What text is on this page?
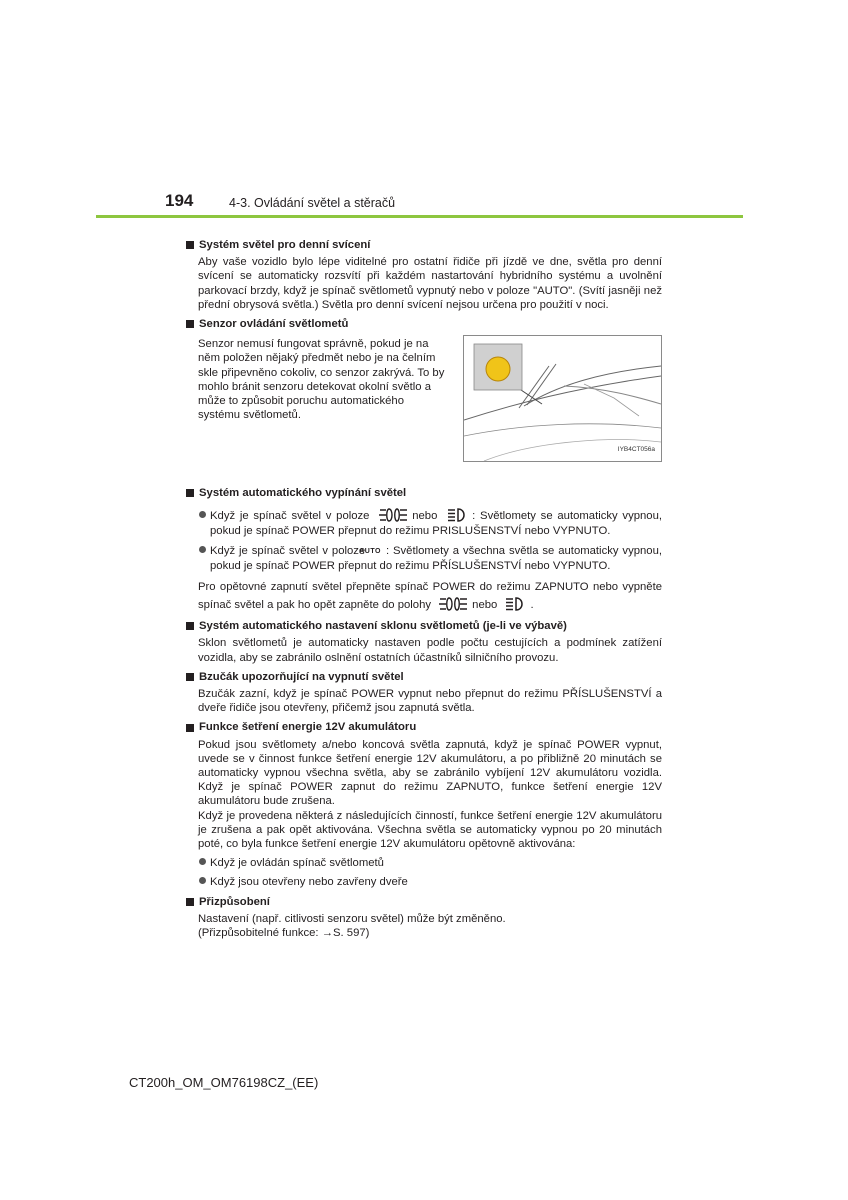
194	4-3. Ovládání světel a stěračů
Systém světel pro denní svícení
Aby vaše vozidlo bylo lépe viditelné pro ostatní řidiče při jízdě ve dne, světla pro denní svícení se automaticky rozsvítí při každém nastartování hybridního systému a uvolnění parkovací brzdy, když je spínač světlometů vypnutý nebo v poloze "AUTO". (Svítí jasněji než přední obrysová světla.) Světla pro denní svícení nejsou určena pro použití v noci.
Senzor ovládání světlometů
Senzor nemusí fungovat správně, pokud je na něm položen nějaký předmět nebo je na čelním skle připevněno cokoliv, co senzor zakrývá. To by mohlo bránit senzoru detekovat okolní světlo a může to způsobit poruchu automatického systému světlometů.
IYB4CT056a
Systém automatického vypínání světel
Když je spínač světel v poloze	nebo	: Světlomety se automaticky vypnou, pokud je spínač POWER přepnut do režimu PRISLUŠENSTVÍ nebo VYPNUTO.
Když je spínač světel v polozeAUTO : Světlomety a všechna světla se automaticky vypnou, pokud je spínač POWER přepnut do režimu PŘÍSLUŠENSTVÍ nebo VYPNUTO.
Pro opětovné zapnutí světel přepněte spínač POWER do režimu ZAPNUTO nebo vypněte spínač světel a pak ho opět zapněte do polohy	nebo	.
Systém automatického nastavení sklonu světlometů (je-li ve výbavě)
Sklon světlometů je automaticky nastaven podle počtu cestujících a podmínek zatížení vozidla, aby se zabránilo oslnění ostatních účastníků silničního provozu.
Bzučák upozorňující na vypnutí světel
Bzučák zazní, když je spínač POWER vypnut nebo přepnut do režimu PŘÍSLUŠENSTVÍ a dveře řidiče jsou otevřeny, přičemž jsou zapnutá světla.
Funkce šetření energie 12V akumulátoru
Pokud jsou světlomety a/nebo koncová světla zapnutá, když je spínač POWER vypnut, uvede se v činnost funkce šetření energie 12V akumulátoru, a po přibližně 20 minutách se automaticky vypnou všechna světla, aby se zabránilo vybíjení 12V akumulátoru vozidla. Když je spínač POWER zapnut do režimu ZAPNUTO, funkce šetření energie 12V akumulátoru bude zrušena.
Když je provedena některá z následujících činností, funkce šetření energie 12V akumulátoru je zrušena a pak opět aktivována. Všechna světla se automaticky vypnou po 20 minutách poté, co byla funkce šetření energie 12V akumulátoru opětovně aktivována:
Když je ovládán spínač světlometů
Když jsou otevřeny nebo zavřeny dveře
Přizpůsobení
Nastavení (např. citlivosti senzoru světel) může být změněno.
(Přizpůsobitelné funkce: →S. 597)
CT200h_OM_OM76198CZ_(EE)
